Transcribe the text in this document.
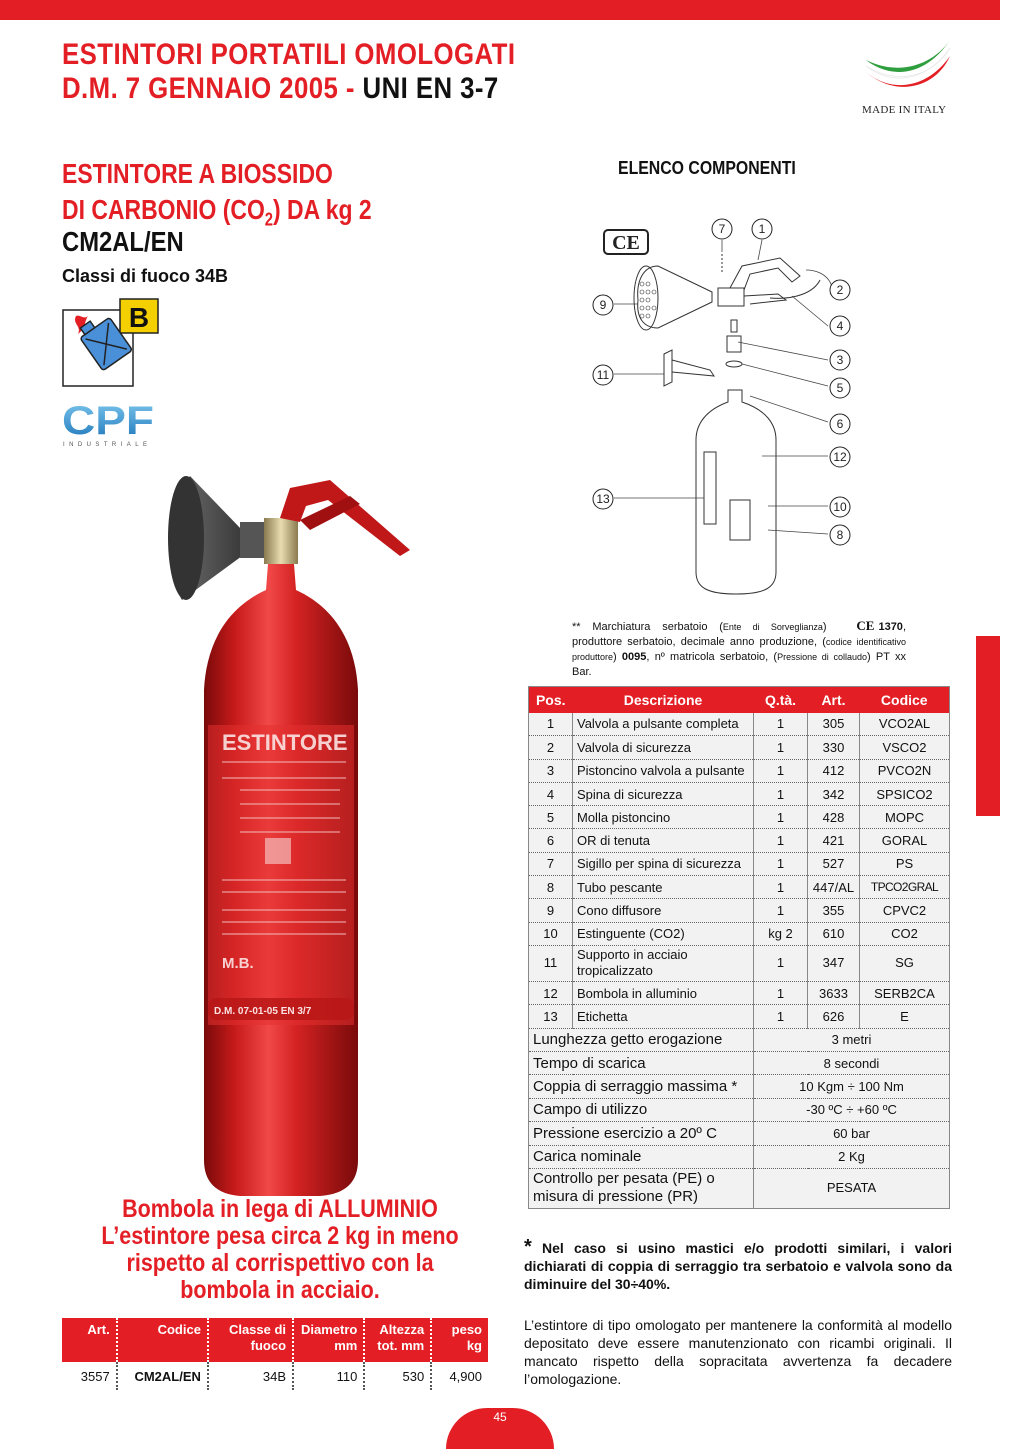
ESTINTORI PORTATILI OMOLOGATI
D.M. 7 GENNAIO 2005 - UNI EN 3-7
MADE IN ITALY
ESTINTORE A BIOSSIDO
DI CARBONIO $(CO_2)$ DA kg 2
CM2AL/EN
Classi di fuoco 34B
B
CPF
INDUSTRIALE
ESTINTORE
M.B.
D.M. 07-01-05 EN 3/7
Bombola in lega di ALLUMINIO
L’estintore pesa circa 2 kg in meno
rispetto al corrispettivo con la
bombola in acciaio.
Art.	Codice	Classe di fuoco	Diametro mm	Altezza tot. mm	peso kg
3557	CM2AL/EN	34B	110	530	4,900
ELENCO COMPONENTI
CE
7	1
2
4
3
5
6
12
10
8
9
11
13
** Marchiatura serbatoio (Ente di Sorveglianza) CE 1370, produttore serbatoio, decimale anno produzione, (codice identificativo produttore) 0095, nº matricola serbatoio, (Pressione di collaudo) PT xx Bar.
Pos.	Descrizione	Q.tà.	Art.	Codice
1	Valvola a pulsante completa	1	305	VCO2AL
2	Valvola di sicurezza	1	330	VSCO2
3	Pistoncino valvola a pulsante	1	412	PVCO2N
4	Spina di sicurezza	1	342	SPSICO2
5	Molla pistoncino	1	428	MOPC
6	OR di tenuta	1	421	GORAL
7	Sigillo per spina di sicurezza	1	527	PS
8	Tubo pescante	1	447/AL	TPCO2GRAL
9	Cono diffusore	1	355	CPVC2
10	Estinguente (CO2)	kg 2	610	CO2
11	Supporto in acciaio tropicalizzato	1	347	SG
12	Bombola in alluminio	1	3633	SERB2CA
13	Etichetta	1	626	E
Lunghezza getto erogazione		3 metri		
Tempo di scarica		8 secondi		
Coppia di serraggio massima *		10 Kgm ÷ 100 Nm		
Campo di utilizzo		-30 ºC ÷ +60 ºC		
Pressione esercizio a 20º C		60 bar		
Carica nominale		2 Kg		
Controllo per pesata (PE) o misura di pressione (PR)		PESATA		
* Nel caso si usino mastici e/o prodotti similari, i valori dichiarati di coppia di serraggio tra serbatoio e valvola sono da diminuire del 30÷40%.
L’estintore di tipo omologato per mantenere la conformità al modello depositato deve essere manutenzionato con ricambi originali. Il mancato rispetto della sopracitata avvertenza fa decadere l’omologazione.
45
